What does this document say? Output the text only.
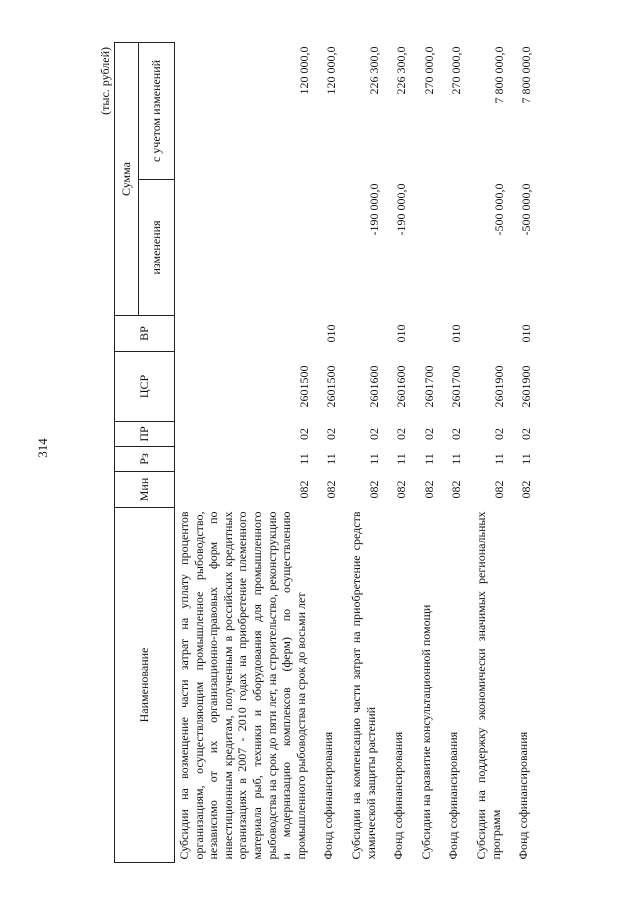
314
(тыс. рублей)
Наименование	Мин	Рз	ПР	ЦСР	ВР	Сумма	
						изменения	с учетом изменений
Субсидии на возмещение части затрат на уплату процентов организациям, осуществляющим промышленное рыбоводство, независимо от их организационно-правовых форм по инвестиционным кредитам, полученным в российских кредитных организациях в 2007 - 2010 годах на приобретение племенного материала рыб, техники и оборудования для промышленного рыбоводства на срок до пяти лет, на строительство, реконструкцию и модернизацию комплексов (ферм) по осуществлению промышленного рыбоводства на срок до восьми лет	082	11	02	2601500			120 000,0
Фонд софинансирования	082	11	02	2601500	010		120 000,0
Субсидии на компенсацию части затрат на приобретение средств химической защиты растений	082	11	02	2601600		-190 000,0	226 300,0
Фонд софинансирования	082	11	02	2601600	010	-190 000,0	226 300,0
Субсидии на развитие консультационной помощи	082	11	02	2601700			270 000,0
Фонд софинансирования	082	11	02	2601700	010		270 000,0
Субсидии на поддержку экономически значимых региональных программ	082	11	02	2601900		-500 000,0	7 800 000,0
Фонд софинансирования	082	11	02	2601900	010	-500 000,0	7 800 000,0
